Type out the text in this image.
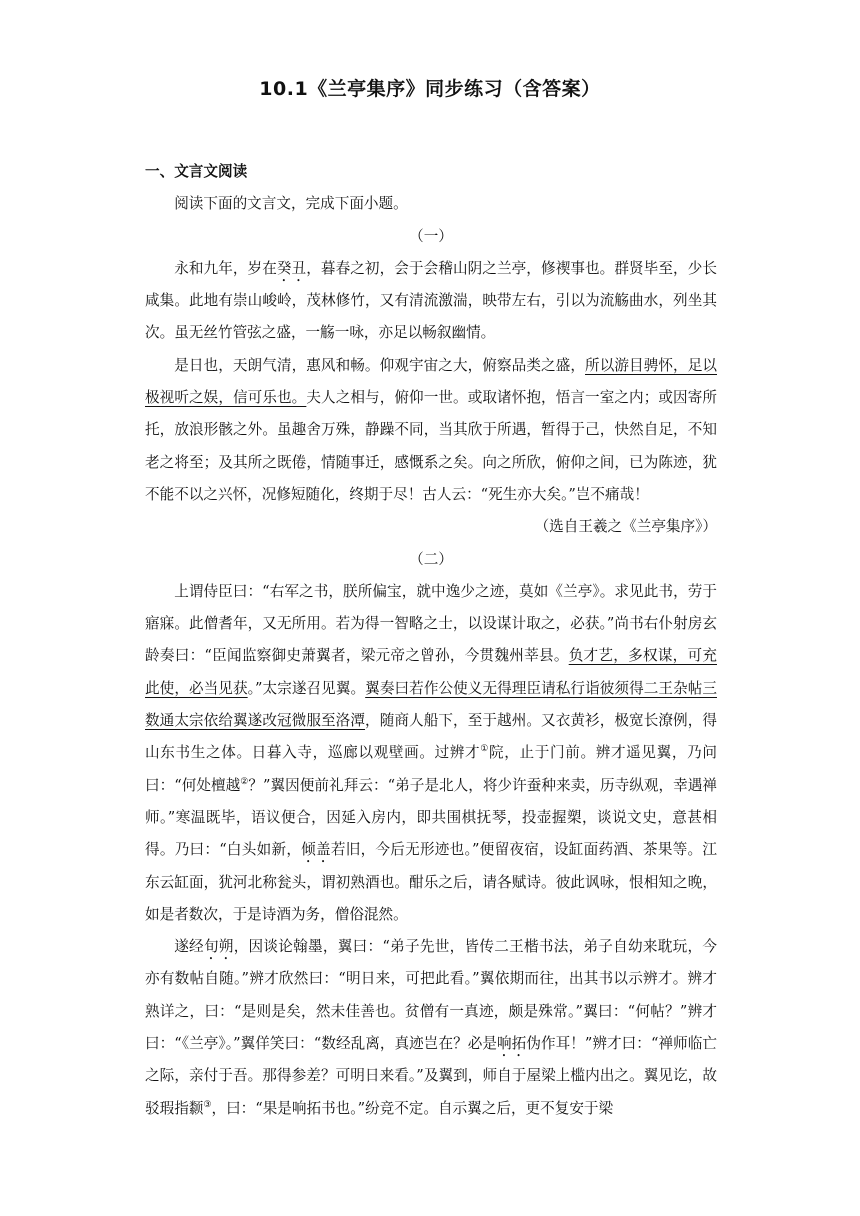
10.1《兰亭集序》同步练习（含答案）
一、文言文阅读

阅读下面的文言文，完成下面小题。

（一）

永和九年，岁在癸丑，暮春之初，会于会稽山阴之兰亭，修禊事也。群贤毕至，少长咸集。此地有崇山峻岭，茂林修竹，又有清流激湍，映带左右，引以为流觞曲水，列坐其次。虽无丝竹管弦之盛，一觞一咏，亦足以畅叙幽情。

是日也，天朗气清，惠风和畅。仰观宇宙之大，俯察品类之盛，所以游目骋怀，足以极视听之娱，信可乐也。夫人之相与，俯仰一世。或取诸怀抱，悟言一室之内；或因寄所托，放浪形骸之外。虽趣舍万殊，静躁不同，当其欣于所遇，暂得于己，快然自足，不知老之将至；及其所之既倦，情随事迁，感慨系之矣。向之所欣，俯仰之间，已为陈迹，犹不能不以之兴怀，况修短随化，终期于尽！古人云：“死生亦大矣。”岂不痛哉！

（选自王羲之《兰亭集序》）

（二）

上谓侍臣曰：“右军之书，朕所偏宝，就中逸少之迹，莫如《兰亭》。求见此书，劳于寤寐。此僧耆年，又无所用。若为得一智略之士，以设谋计取之，必获。”尚书右仆射房玄龄奏曰：“臣闻监察御史萧翼者，梁元帝之曾孙，今贯魏州莘县。负才艺，多权谋，可充此使，必当见获。”太宗遂召见翼。翼奏曰若作公使义无得理臣请私行诣彼须得二王杂帖三数通太宗依给翼遂改冠微服至洛潭，随商人船下，至于越州。又衣黄衫，极宽长潦例，得山东书生之体。日暮入寺，巡廊以观壁画。过辨才①院，止于门前。辨才遥见翼，乃问曰：“何处檀越②？”翼因便前礼拜云：“弟子是北人，将少许蚕种来卖，历寺纵观，幸遇禅师。”寒温既毕，语议便合，因延入房内，即共围棋抚琴，投壶握槊，谈说文史，意甚相得。乃曰：“白头如新，倾盖若旧，今后无形迹也。”便留夜宿，设缸面药酒、茶果等。江东云缸面，犹河北称瓮头，谓初熟酒也。酣乐之后，请各赋诗。彼此讽咏，恨相知之晚，如是者数次，于是诗酒为务，僧俗混然。

遂经旬朔，因谈论翰墨，翼曰：“弟子先世，皆传二王楷书法，弟子自幼来耽玩，今亦有数帖自随。”辨才欣然曰：“明日来，可把此看。”翼依期而往，出其书以示辨才。辨才熟详之，曰：“是则是矣，然未佳善也。贫僧有一真迹，颇是殊常。”翼曰：“何帖？”辨才曰：“《兰亭》。”翼佯笑曰：“数经乱离，真迹岂在？必是响拓伪作耳！”辨才曰：“禅师临亡之际，亲付于吾。那得参差？可明日来看。”及翼到，师自于屋梁上槛内出之。翼见讫，故驳瑕指颣③，曰：“果是响拓书也。”纷竞不定。自示翼之后，更不复安于梁
